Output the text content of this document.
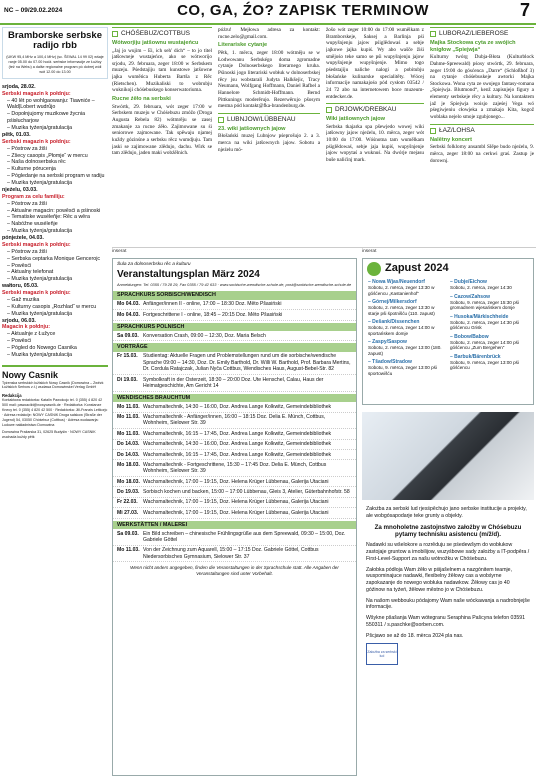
NC – 09/29.02.2024	CO, GA, ŹO? ZAPISK TERMINOW	7
Bramborske serbske radijo rbb
(UKW 95,4 MHz a 100,4 MHz) (sc. ŠEWAL 14 99 02) wšaje ranje 05.00 do 07.00 hodź. serbske informacije ze Łužicy (tež na Webu) a dalše regionalne program pó dobrej wóli wót 12.00 do 13.00
srjoda, 28.02.
Serbski magazin k połdnju:
– 40 lět po wohlgaowanju: Tiawniće – Wald|Lobert wudrůjo
– Dopołnjujomy muzikowe žycnia pśisłucharjow
– Muzika tyźenja/gratulacija
pětk, 01.03.
Serbski magazin k połdnju:
– Póstrow za žiši
– Zšecy casopis „Płomje“ w mercu
– Naša dolnoserbska rěc
– Kulturne pórucenja
– Pógledanje na serbski program w radiju
– Muzika tyźenja/gratulacija
njeźelu, 03.03.
Program za celu familiju:
– Póstrow za žiši
– Aktualne magacin: powěsći a pśinoski
– Tematiske wuséleňje: Rěc a wěra
– Nabóžne wuséleňje
– Muzika tyźenja/gratulacija
pónjeźele, 04.03.
Serbski magazin k połdnju:
– Póstrow za žiši
– Serbska ceptarka Monique Gencerojc
– Powěsći
– Aktualny telefonat
– Muzika tyźenja/gratulacija
wałtoru, 05.03.
Serbski magazin k połdnju:
– Gaž muzika
– Kulturny casopis „Rozhlad“ w mercu
– Muzika tyźenja/gratulacija
srjodu, 06.03.
Magacin k połdnju:
– Aktualnje z Łužyce
– Powěsći
– Pógled do Nowego Casnika
– Muzika tyźenja/gratulacija
Nowy Casnik
Tyźenska serbskich łužiskich Nowy Casnik (Domowina – Zwězk Łužiskich Serbow z.t.) wudawa Domowinskei Verlag GmbH
Redakcija
Kontaktowa redaktorka: Katalin Pawolcojc tel. 0 (355) 4 820 42 500 mail: pawoacikt@nowycasnik.de · Redaktorka: Konstanze Knecy tel. 0 (355) 4 820 42 500 · Redaktorka: Jill-Franzis Leitkorjc · Adresa redakcije: NOWY CASNIK Droga salskow (Straße der Jugend) 54, 03050 Chóśebuz (Cottbus) · Adresa wudawarja: Ludowe nakładnistwo Domowina
Domowina Pražarska 31, 02625 Budyšin · NOWY CASNIK wuchada kuždy pětk
CHÓŚEBUZ/COTTBUS
Wótworjiju jatšownu wustajeńcu
„Jaj jo wujim – Ei, ich seh' dich“ – to jo titel jatšowneje wustajeńce, ako se wótworijo srjodu, 29. februara, zeger 18:00 w Serbskem muzeju. Pśedstajiju tam kunstowe jatšowne jajka wuměńca Huberta Bartša z Rěc (Rietschen). Muzikaliski to wobrubju wuknikoji chóśebuskego konserwatoriuma.
Rucne źěło na serbski
Stwórtk, 29. februara, wót zeger 17:00 w Serbskem muzeju w Chóśebuzu zmóžo (Droga Augusta Rebela 82) wótmrěju se zasej zmakanje za rucne źěło. Zajimowane su śi seniorowe zajmowane. Tak spěwaju njamej kuždy gózinśne a serbsku rěcz wumdjuju. Tam jaski se zajimowane zlědujo, dachu. Wirk se tam zlědujo, jaden maki wobźělnich.
późru! Mejłowa adresa za kontakt: rucne.zelo@gmail.com.
Literariske cytanje
Pětk, 1. mërca, zeger 18:00 wótměju se w Łodwowanu Serbskégo doma zgromadne cytanje Dolnoserbskego literarnego kruha. Pśinoski jogo literariski wobłuk w dolnoserbskej rěcy jsu wobstarali Judyta Halkšejic, Tracy Neumann, Wolfgang Hoffmann, Daniel Rafbel a Hannelore Schmidt-Hoffmann. Bernd Pittkunings moderěrujo. Rezerwěrujo pšosym mestna pód kontakt@fka-brandenburg.de.
LUBNJOW/LÜBBENAU
23. wiki jatšownych jajow
Błošański muzej Lubnjow pśeprošujo 2. a 3. merca na wiki jatšownych jajow. Sobotu a njeźelu mó-
žošo wót zeger 10:00 do 17:00 wumělkam z Bramborskeje, Saksej a Barlinja pśi wupyšnjenju jajow pśiglědowaś a sebje jajkowe jajka kupiś. Wy abo wašče žiśi smějośo teke samo se pśi wupyšnjenju jajow wupyšnjenje wupyšnjenje. Mimo togo pśedstajiju naliche nalogi a pobitubju błošańske kulinarske specialitěty. Wócej informacije namakajośo pód cysłom 03542 / 24 72 abo na internetowem boce muzeum-entdecker.de.
DRJOWK/DREBKAU
Wiki jatšownych jajow
Serbska tkajarka spa pšewjedo wowej wiki jatšowny jajow njeźelu, 10. mërca, zeger wót 10:00 do 17:00. Wóśnotna tam wumělkam pśiglědowaś, sebje jaja kupiś, wupyšnjenje jajow wopytaś a wuknuś. Na dwórje mejasu buše nalićinj mark.
LUBORAZ/LIEBEROSE
Majka Stockowa cyta ze swójich knigłow „Spiejwja“
Kulturny twórg Dubja-Błota (Kulturblock Dahme-Spreewald) pśosy stwórtk, 29. februara, zeger 19:00 do gósćenca „Darre“ (Schloßhof 3) na cytanje chóśebuskeje awtorki Majka Stockowa. Wona cyta ze swojego fantasy-romana „Spiejwja. Blutmond“, kenž zapisnjejo figury a elementy serbskeje rěcy a kultury. Na kontaktem jaž je Spiejwja woisjo zajeśej Vega wó pśegiwjeniu cłowjeka a zmakajo Kita, kogož woblaka nejelo smoje zgubjonego...
ŁAZ/LOHSA
Nalětny koncert
Serbski folklorny ansambl Slěpe budo njeźelu, 9. mërca, zeger 18:00 na cerkwi graś. Zastup je dorownj.
inserat	inserat
Šula za dolnoserbsku rěc a kulturu
Veranstaltungsplan März 2024
Anmeldungen: Tel. 0355 / 79 28 29, Fax 0355 / 79 42 633 · www.sorbische-wendische-schule.de, post@sorbische-wendische-schule.de
SPRACHKURS SORBISCH/WENDISCH
Mo 04.03. Anfänger/innen II - online, 17:00 – 18:30 Doz. Měto Pšasiński
Mo 04.03. Fortgeschrittene I - online, 18:45 – 20:15 Doz. Měto Pšasiński
SPRACHKURS POLNISCH
Sa 09.03. Konversation Crash, 09:00 – 12:30, Doz. Maria Belsch
VORTRÄGE
Fr 15.03.	Studientag: Aktuelle Fragen und Problemstellungen rund um die sorbische/wendische Sprache 09:00 – 14:30, Doz. Dr. Emily Barthold, Dr. Willi W. Barthold, Prof. Barbara Mertins, Dr. Cordula Ratajczak, Julian Nyča Cottbus, Wendisches Haus, August-Bebel-Str. 82
Di 19.03.	Symbolkraft in der Osterzeit, 18:30 – 20:00 Doz. Ute Henschel, Calau, Haus der Heimatgeschichte, Am Gericht 14
WENDISCHES BRAUCHTUM
Mo 11.03. Wachsmaltechnik, 14:30 – 16:00, Doz. Andrea Lange Kolkwitz, Gemeindebibliothek
Mo 11.03. Wachsmaltechnik - Anfänger/innen, 16:00 – 18:15 Doz. Delia E. Münch, Cottbus, Wohnheim, Sielower Str. 39
Mo 11.03. Wachsmaltechnik, 16:15 – 17:45, Doz. Andrea Lange Kolkwitz, Gemeindebibliothek
Do 14.03. Wachsmaltechnik, 14:30 – 16:00, Doz. Andrea Lange Kolkwitz, Gemeindebibliothek
Do 14.03. Wachsmaltechnik, 16:15 – 17:45, Doz. Andrea Lange Kolkwitz, Gemeindebibliothek
Mo 18.03. Wachsmaltechnik - Fortgeschrittene, 15:30 – 17:45 Doz. Delia E. Münch, Cottbus Wohnheim, Sielower Str. 39
Mo 18.03. Wachsmaltechnik, 17:00 – 19:15, Doz. Helena Krüger Lübbenau, Galerija Utaciani
Do 19.03. Sorbisch kochen und backen, 15:00 – 17:00 Lübbenau, Gleis 3, Atelier, Güterbahnhofstr. 58
Fr 22.03.	Wachsmaltechnik, 17:00 – 19:15, Doz. Helena Krüger Lübbenau, Galerija Utaciani
Mi 27.03. Wachsmaltechnik, 17:00 – 19:15, Doz. Helena Krüger Lübbenau, Galerija Utaciani
WERKSTÄTTEN / MALEREI
Sa 09.03. Ein Bild schreiben – chinesische Frühlingsgrüße aus dem Spreewald, 09:30 – 15:00, Doz. Gabriele Göttel
Mo 11.03. Von der Zeichnung zum Aquarell, 15:00 – 17:15 Doz. Gabriele Göttel, Cottbus Niedersorbisches Gymnasium, Sielower Str. 37
Wenn nicht anders angegeben, finden die Veranstaltungen in der Sprachschule statt. Alle Angaben der Veranstaltungen sind unter Vorbehalt.
Zapust 2024
– Nowa Wjas/Neuendorf
Sobotu, 2. mërca, zeger 13:30 w góśćencu „Kastanienhof“
– Górnej/Milkersdorf
Sobotu, 2. mërca, zeger 13:30 w starje pśi śpotnišću (110. zapust)
– Dešank/Dissenchen
Sobotu, 2. mërca, zeger 14:00 w sportańskem domje
– Zaspy/Saspow
Sobotu, 2. mërca, zeger 13:00 (180. zapust)
– Tšadow/Stradow
Sobotu, 9. mërca, zeger 13:00 pśi sportowišću
– Dubje/Eichow
Sobotu, 2. mërca, zeger 14:30
– Cazow/Zahsow
Sobotu, 9. mërca, zeger 15:30 pśi gromadnem wjesańskem domje
– Husoka/Märkischheide
Sobotu, 2. mërca, zeger 14:30 pśi góśćencu Grisk
– Bobow/Babow
Sobotu, 2. mërca, zeger 14:00 pśi góśćencu „Zum Bergehen“
– Barbuk/Bärenbrück
Sobotu, 9. mërca, zeger 13:00 pśi góśćencu
Założba za serbski lud rjesśpěchujo jano serbske institucije a projekty, ale wobgósapodarje teke grunty a objekty.
Za mnoholetne zastojnstwo założby w Chóśebuzu pytamy technisku asistencu (m/ž/d).
Nadawki su wšelokore a rozrěduju se pśedewšym do wobłukow zastojaje gruntow a imobilijow, wuzyśbowe sady założby a IT-podpěra / First-Level-Support za našu wótnožku w Chóśebuzu.
Załobka pódłoja Wam źěło w pśijašelnem a nazgónitem teamje, wuspominajuce nadawki, flexibelny žěłowy cas a wobśyrne zapokazanje do nowego wobłuka nadawkow. Žěłowy cas jo 40 góźinow na tyźeń, žěłowe městno jo w Chóśebuzu.
Na našom webbouku pódajomy Wam naše wóckawanja a nadrobnjejše informacije.
Wšykne pšašanja Wam wótegranu Seraphina Pašcyna telefon 03591 550311 / s.paschke@sorben.com.
Pšcjawo se až do 18. mërca 2024 pla nas.
Założba za serbski lud
